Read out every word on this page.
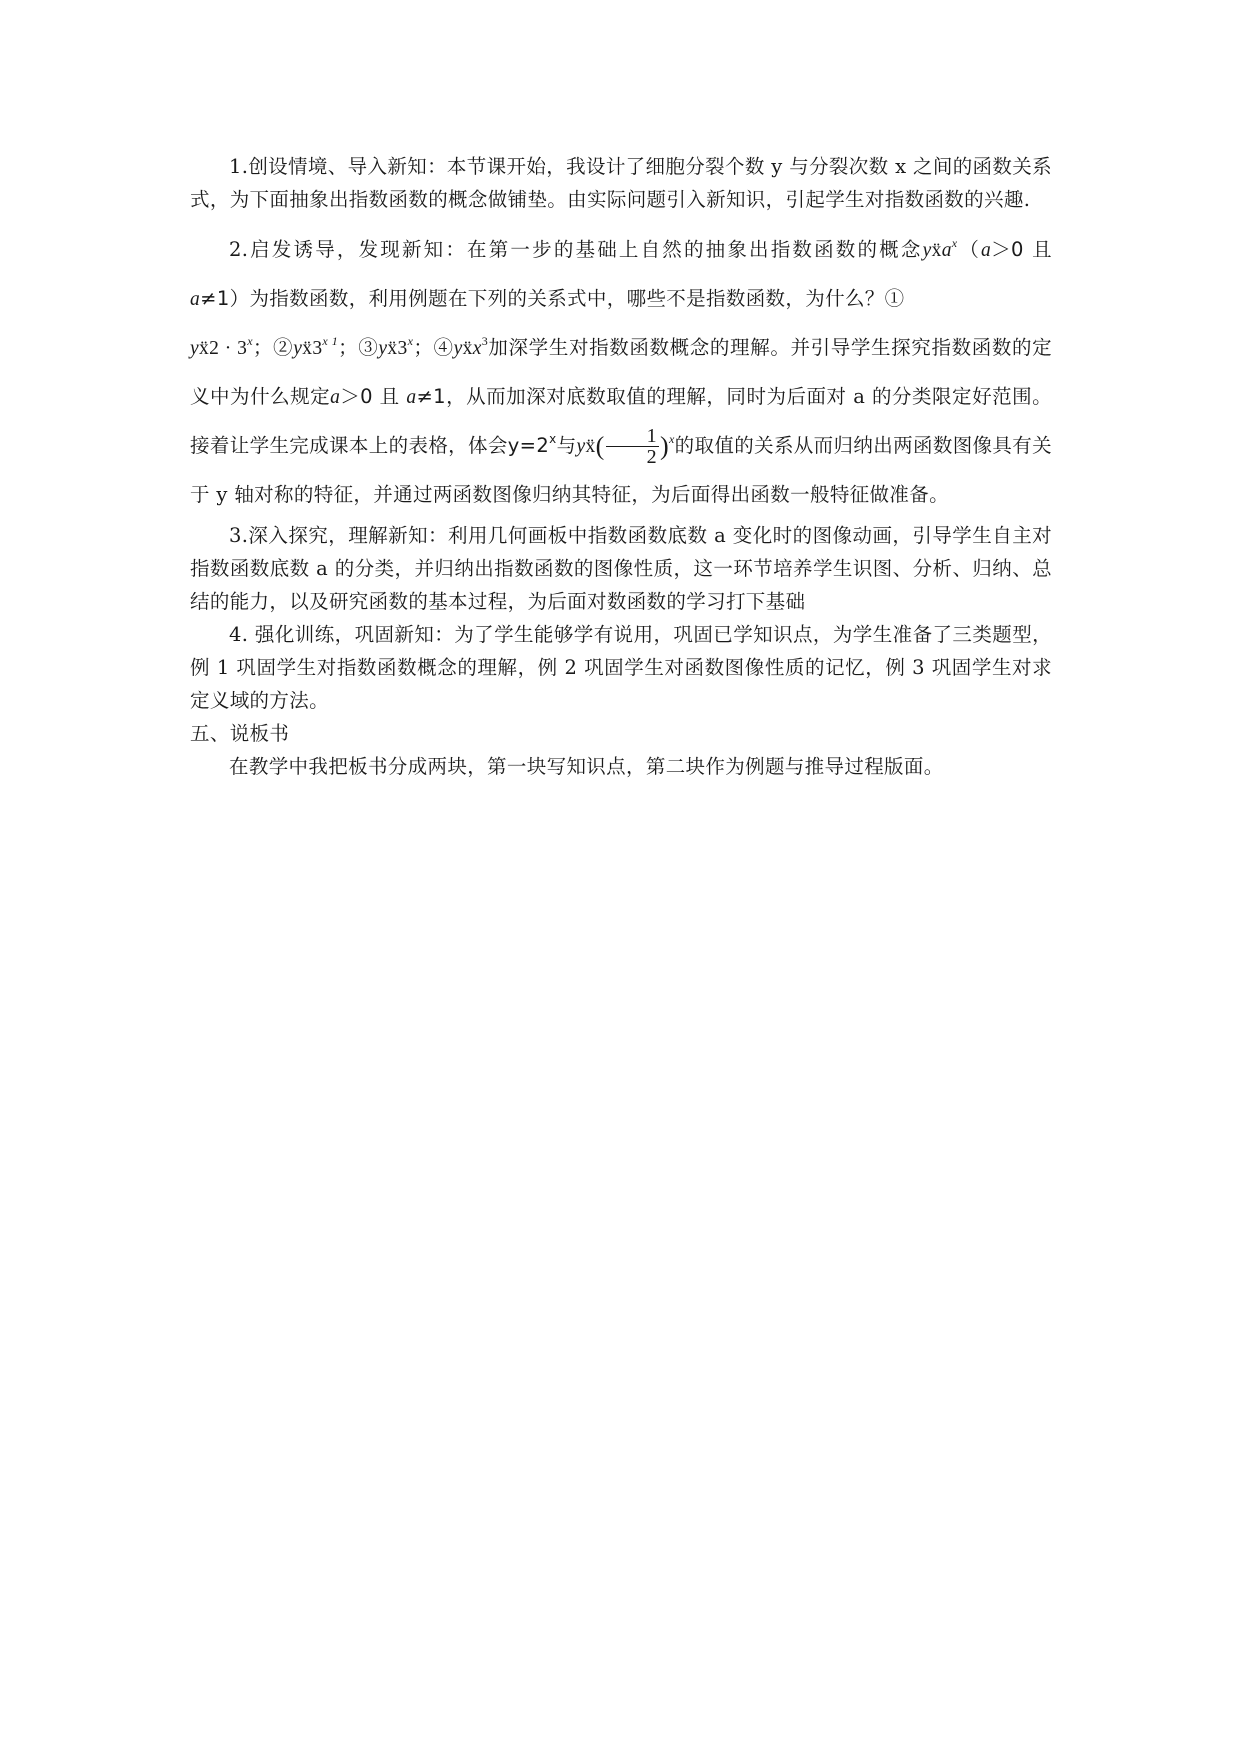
1.创设情境、导入新知：本节课开始，我设计了细胞分裂个数 y 与分裂次数 x 之间的函数关系式，为下面抽象出指数函数的概念做铺垫。由实际问题引入新知识，引起学生对指数函数的兴趣.

2.启发诱导，发现新知：在第一步的基础上自然的抽象出指数函数的概念yẍa$^x$（a＞0 且 a≠1）为指数函数，利用例题在下列的关系式中，哪些不是指数函数，为什么？①
yẍ2 · $3^x$；$②yẍ3^{x 1}$；③yẍ3$^x$；④yẍx$^3$加深学生对指数函数概念的理解。并引导学生探究指数函数的定义中为什么规定a＞0 且 a≠1，从而加深对底数取值的理解，同时为后面对 a 的分类限定好范围。接着让学生完成课本上的表格，体会$y=2^x$与yẍ( $\frac{1}{2} )^x$的取值的关系从而归纳出两函数图像具有关于 y 轴对称的特征，并通过两函数图像归纳其特征，为后面得出函数一般特征做准备。

3.深入探究，理解新知：利用几何画板中指数函数底数 a 变化时的图像动画，引导学生自主对指数函数底数 a 的分类，并归纳出指数函数的图像性质，这一环节培养学生识图、分析、归纳、总结的能力，以及研究函数的基本过程，为后面对数函数的学习打下基础

4. 强化训练，巩固新知：为了学生能够学有说用，巩固已学知识点，为学生准备了三类题型，例 1 巩固学生对指数函数概念的理解，例 2 巩固学生对函数图像性质的记忆，例 3 巩固学生对求定义域的方法。

五、说板书

在教学中我把板书分成两块，第一块写知识点，第二块作为例题与推导过程版面。
